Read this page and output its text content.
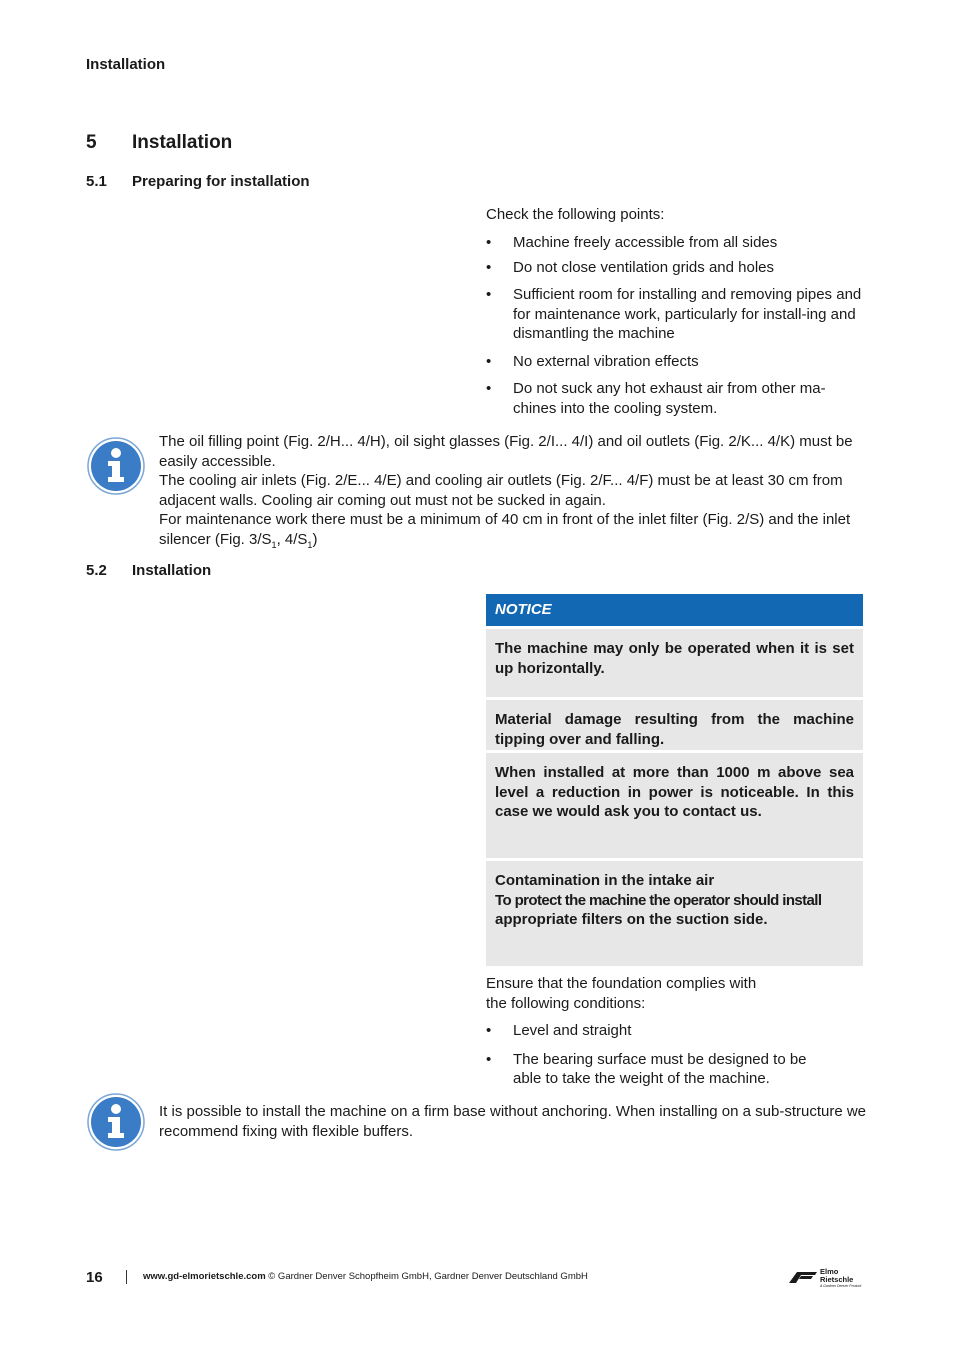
Installation
5 Installation
5.1 Preparing for installation
Check the following points:
• Machine freely accessible from all sides
• Do not close ventilation grids and holes
• Sufficient room for installing and removing pipes and for maintenance work, particularly for install-ing and dismantling the machine
• No external vibration effects
• Do not suck any hot exhaust air from other ma-chines into the cooling system.
The oil filling point (Fig. 2/H... 4/H), oil sight glasses (Fig. 2/I... 4/I) and oil outlets (Fig. 2/K... 4/K) must be easily accessible.
The cooling air inlets (Fig. 2/E... 4/E) and cooling air outlets (Fig. 2/F... 4/F) must be at least 30 cm from adjacent walls. Cooling air coming out must not be sucked in again.
For maintenance work there must be a minimum of 40 cm in front of the inlet filter (Fig. 2/S) and the inlet silencer (Fig. $3/S_1$, $4/S_1$)
5.2 Installation
NOTICE
The machine may only be operated when it is set up horizontally.
Material damage resulting from the machine tipping over and falling.
When installed at more than 1000 m above sea level a reduction in power is noticeable. In this case we would ask you to contact us.
Contamination in the intake air
To protect the machine the operator should install
appropriate filters on the suction side.
Ensure that the foundation complies with
the following conditions:
• Level and straight
• The bearing surface must be designed to be able to take the weight of the machine.
It is possible to install the machine on a firm base without anchoring. When installing on a sub-structure we recommend fixing with flexible buffers.
16	www.gd-elmorietschle.com © Gardner Denver Schopfheim GmbH, Gardner Denver Deutschland GmbH	Elmo
Rietschle
A Gardner Denver Product
